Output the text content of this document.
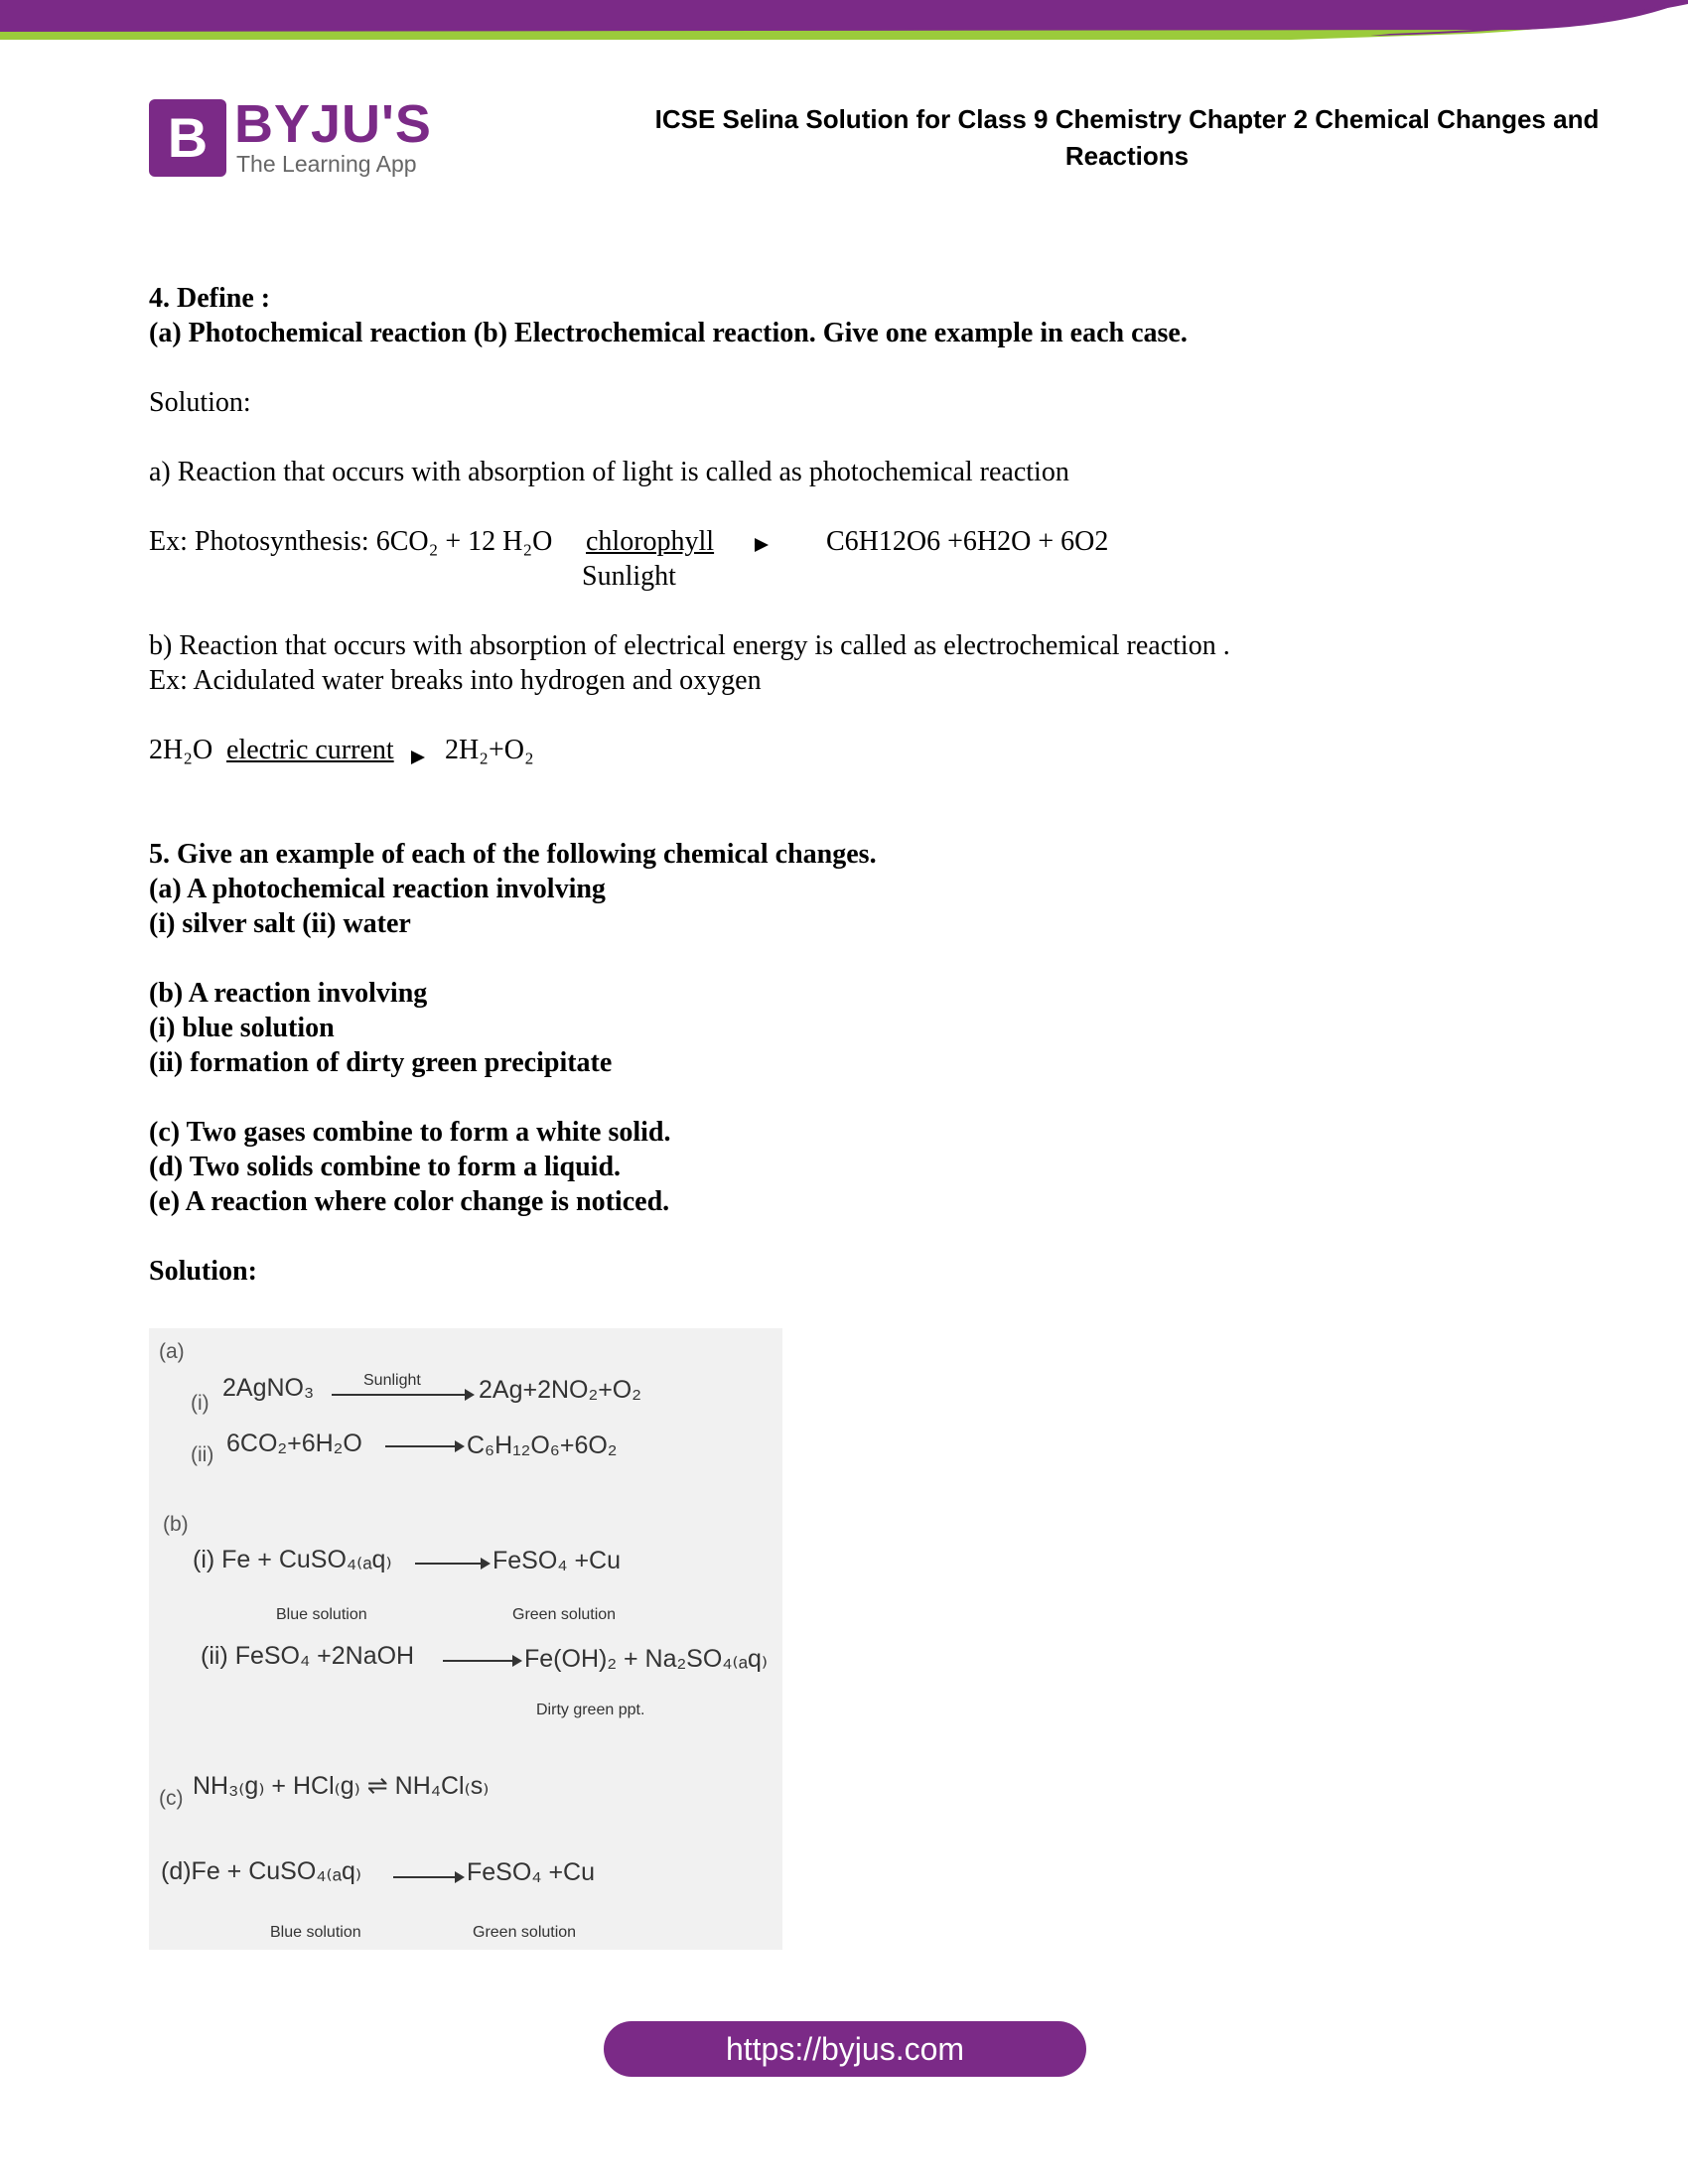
B BYJU'S
The Learning App
ICSE Selina Solution for Class 9 Chemistry Chapter 2 Chemical Changes and Reactions
4. Define :
(a) Photochemical reaction (b) Electrochemical reaction. Give one example in each case.
Solution:
a) Reaction that occurs with absorption of light is called as photochemical reaction
Ex: Photosynthesis: 6CO₂ + 12 H₂O chlorophyll	C6H12O6 +6H2O + 6O2
Sunlight
b) Reaction that occurs with absorption of electrical energy is called as electrochemical reaction .
Ex: Acidulated water breaks into hydrogen and oxygen
2H₂O electric current 2H₂+O₂
5. Give an example of each of the following chemical changes.
(a) A photochemical reaction involving
(i) silver salt (ii) water
(b) A reaction involving
(i) blue solution
(ii) formation of dirty green precipitate
(c) Two gases combine to form a white solid.
(d) Two solids combine to form a liquid.
(e) A reaction where color change is noticed.
Solution:
(a)
(i)
2AgNO₃	Sunlight 2Ag+2NO₂+O₂
(ii) 6CO₂+6H₂O	C₆H₁₂O₆+6O₂
(b)
(i) Fe + CuSO₄₍ₐq₎	FeSO₄ +Cu
Blue solution	Green solution
(ii) FeSO₄ +2NaOH	Fe(OH)₂ + Na₂SO₄₍ₐq₎
Dirty green ppt.
(c) NH₃₍g₎ + HCl₍g₎ ⇌ NH₄Cl₍s₎
(d)Fe + CuSO₄₍ₐq₎	FeSO₄ +Cu
Blue solution	Green solution
https://byjus.com
